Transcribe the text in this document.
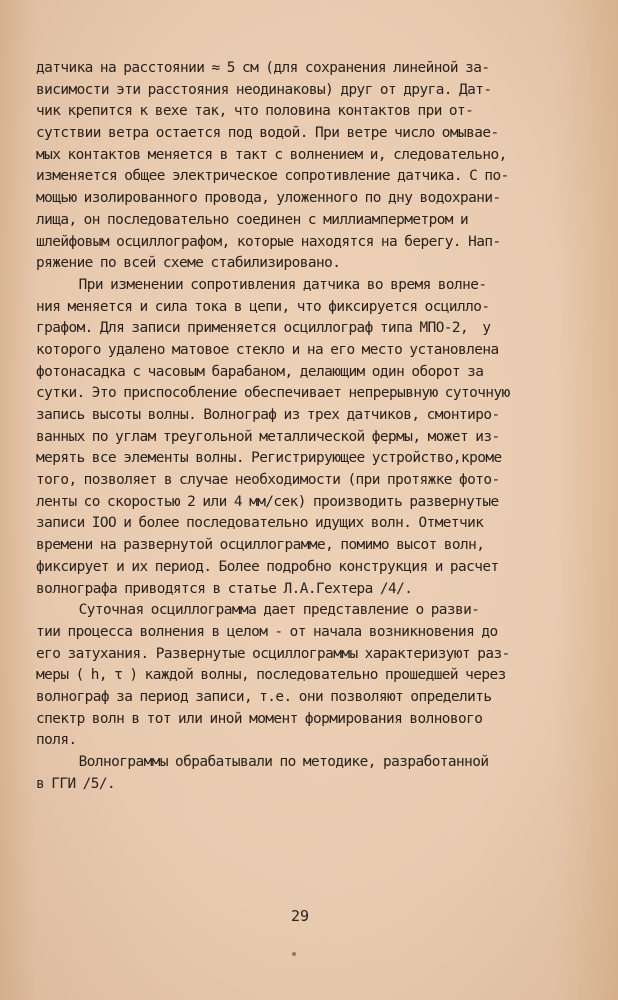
датчика на расстоянии ≈ 5 см (для сохранения линейной за-
висимости эти расстояния неодинаковы) друг от друга. Дат-
чик крепится к вехе так, что половина контактов при от-
сутствии ветра остается под водой. При ветре число омывае-
мых контактов меняется в такт с волнением и, следовательно,
изменяется общее электрическое сопротивление датчика. С по-
мощью изолированного провода, уложенного по дну водохрани-
лища, он последовательно соединен с миллиамперметром и
шлейфовым осциллографом, которые находятся на берегу. Нап-
ряжение по всей схеме стабилизировано.
При изменении сопротивления датчика во время волне-
ния меняется и сила тока в цепи, что фиксируется осцилло-
графом. Для записи применяется осциллограф типа МПО-2,  у
которого удалено матовое стекло и на его место установлена
фотонасадка с часовым барабаном, делающим один оборот за
сутки. Это приспособление обеспечивает непрерывную суточную
запись высоты волны. Волнограф из трех датчиков, смонтиро-
ванных по углам треугольной металлической фермы, может из-
мерять все элементы волны. Регистрирующее устройство,кроме
того, позволяет в случае необходимости (при протяжке фото-
ленты со скоростью 2 или 4 мм/сек) производить развернутые
записи IOO и более последовательно идущих волн. Отметчик
времени на развернутой осциллограмме, помимо высот волн,
фиксирует и их период. Более подробно конструкция и расчет
волнографа приводятся в статье Л.А.Гехтера /4/.
Суточная осциллограмма дает представление о разви-
тии процесса волнения в целом - от начала возникновения до
его затухания. Развернутые осциллограммы характеризуют раз-
меры ( h, τ ) каждой волны, последовательно прошедшей через
волнограф за период записи, т.е. они позволяют определить
спектр волн в тот или иной момент формирования волнового
поля.
Волнограммы обрабатывали по методике, разработанной
в ГГИ /5/.
29
